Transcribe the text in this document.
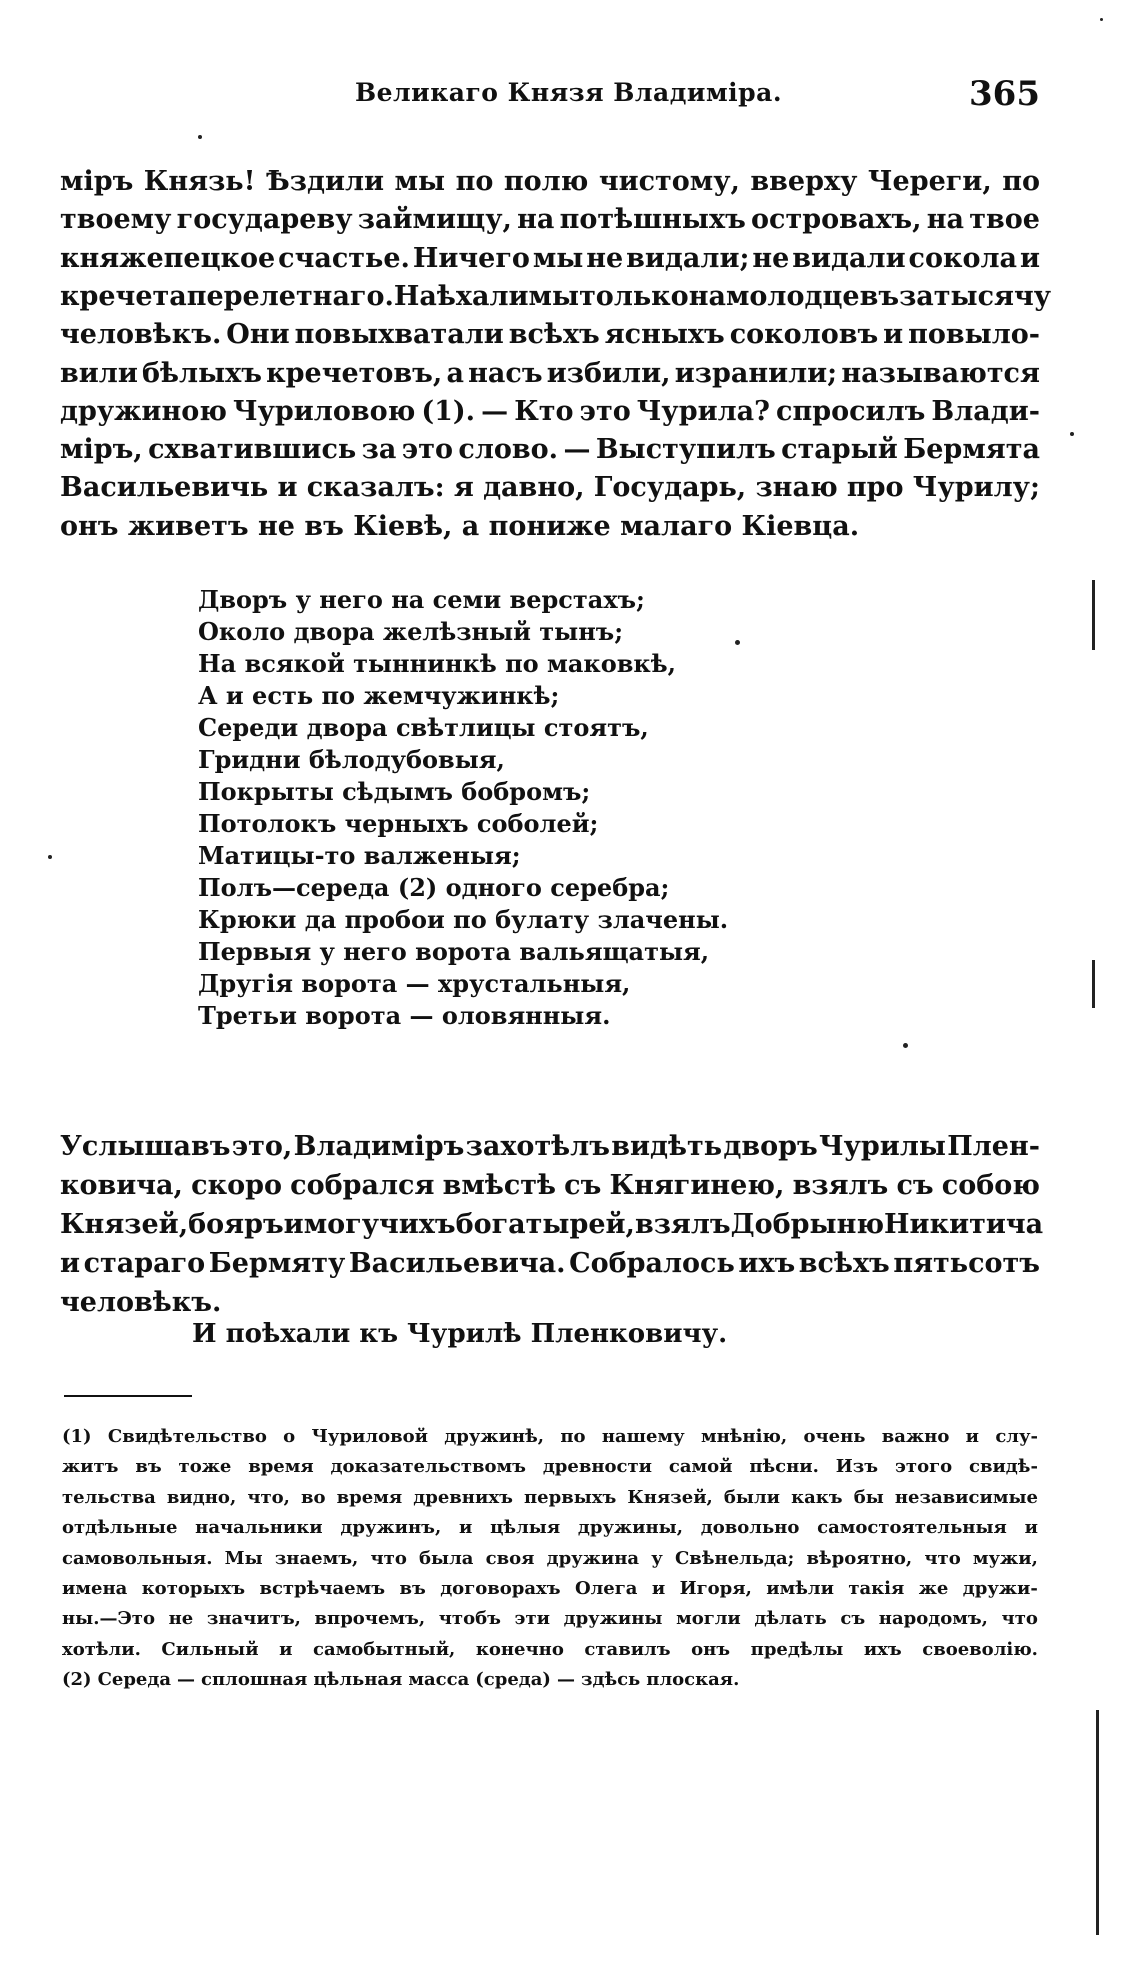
Великаго Князя Владиміра.	365
міръ Князь! Ѣздили мы по полю чистому, вверху Череги, по
твоему государеву займищу, на потѣшныхъ островахъ, на твое
княжепецкое счастье. Ничего мы не видали; не видали сокола и
кречета перелетнаго. Наѣхали мы только на молодцевъ за тысячу
человѣкъ. Они повыхватали всѣхъ ясныхъ соколовъ и повыло-
вили бѣлыхъ кречетовъ, а насъ избили, изранили; называются
дружиною Чуриловою (1). — Кто это Чурила? спросилъ Влади-
міръ, схватившись за это слово. — Выступилъ старый Бермята
Васильевичь и сказалъ: я давно, Государь, знаю про Чурилу;
онъ
живетъ
не
въ
Кіевѣ,
а
пониже
малаго
Кіевца.
Дворъ у него на семи верстахъ;
Около двора желѣзный тынъ;
На всякой тыннинкѣ по маковкѣ,
А и есть по жемчужинкѣ;
Середи двора свѣтлицы стоятъ,
Гридни бѣлодубовыя,
Покрыты сѣдымъ бобромъ;
Потолокъ черныхъ соболей;
Матицы-то валженыя;
Полъ—середа (2) одного серебра;
Крюки да пробои по булату злачены.
Первыя у него ворота вальящатыя,
Другія ворота — хрустальныя,
Третьи ворота — оловянныя.
Услышавъ это, Владиміръ захотѣлъ видѣть дворъ Чурилы Плен-
ковича, скоро собрался вмѣстѣ съ Княгинею, взялъ съ собою
Князей, бояръ и могучихъ богатырей, взялъ Добрыню Никитича
и стараго Бермяту Васильевича. Собралось ихъ всѣхъ пятьсотъ
человѣкъ.
И поѣхали къ Чурилѣ Пленковичу.
(1) Свидѣтельство о Чуриловой дружинѣ, по нашему мнѣнію, очень важно и слу-
житъ въ тоже время доказательствомъ древности самой пѣсни. Изъ этого свидѣ-
тельства видно, что, во время древнихъ первыхъ Князей, были какъ бы независимые
отдѣльные начальники дружинъ, и цѣлыя дружины, довольно самостоятельныя и
самовольныя. Мы знаемъ, что была своя дружина у Свѣнельда; вѣроятно, что мужи,
имена которыхъ встрѣчаемъ въ договорахъ Олега и Игоря, имѣли такія же дружи-
ны.—Это не значитъ, впрочемъ, чтобъ эти дружины могли дѣлать съ народомъ, что
хотѣли. Сильный и самобытный, конечно ставилъ онъ предѣлы ихъ своеволію.
(2) Середа — сплошная цѣльная масса (среда) — здѣсь плоская.
